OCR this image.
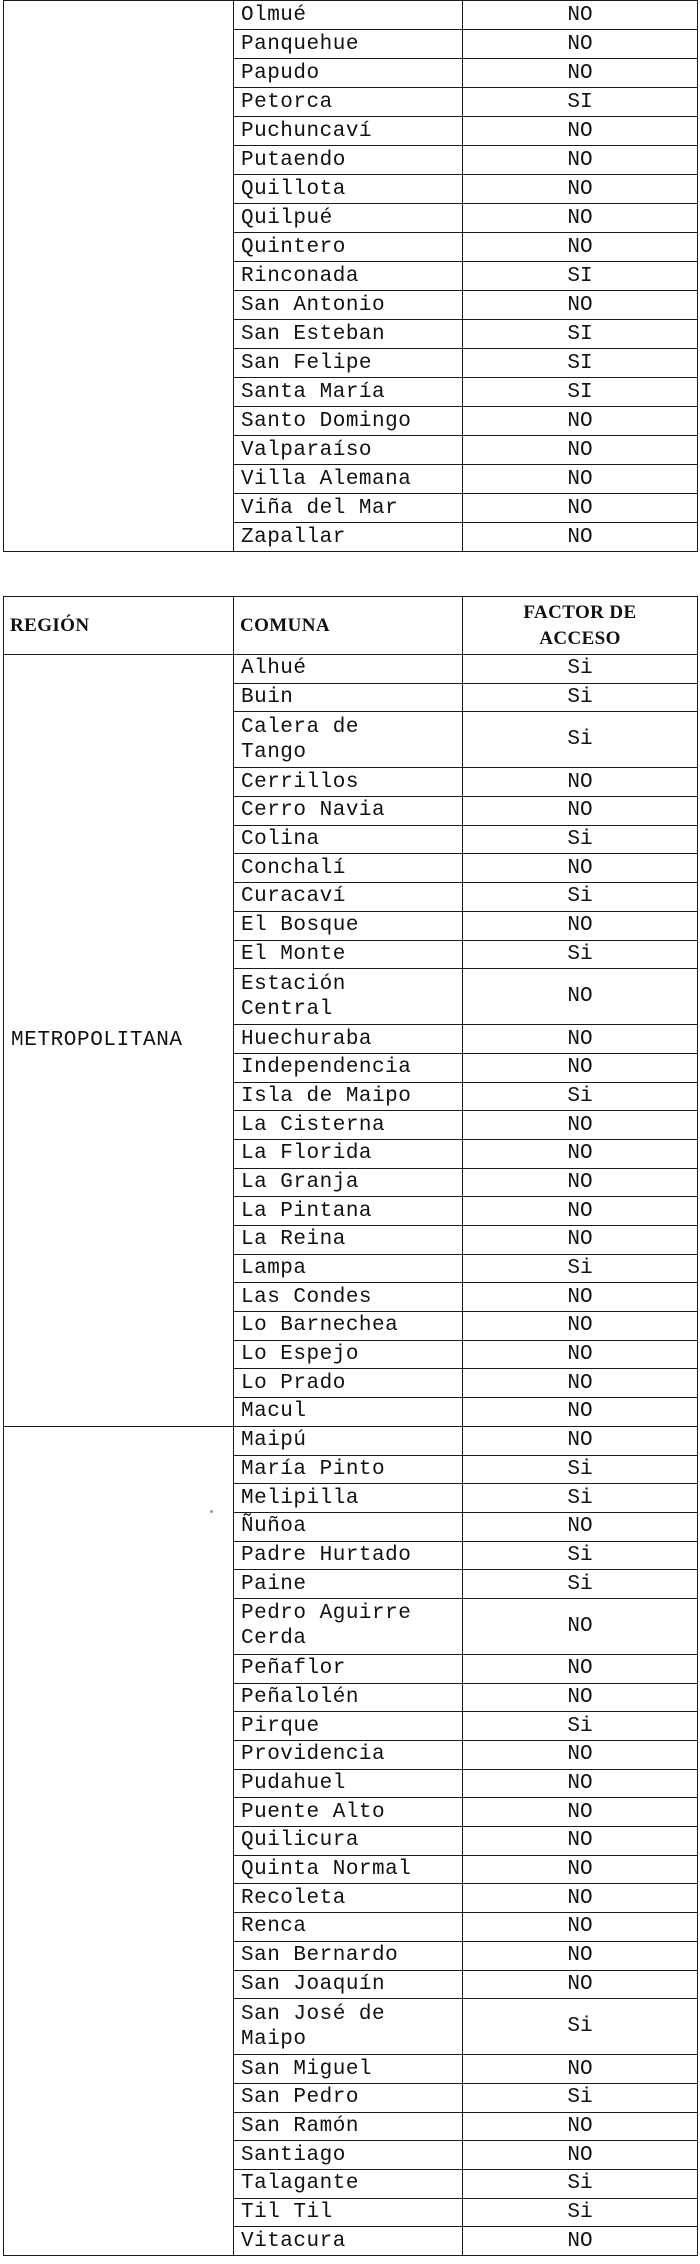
	Olmué	NO
	Panquehue	NO
	Papudo	NO
	Petorca	SI
	Puchuncaví	NO
	Putaendo	NO
	Quillota	NO
	Quilpué	NO
	Quintero	NO
	Rinconada	SI
	San Antonio	NO
	San Esteban	SI
	San Felipe	SI
	Santa María	SI
	Santo Domingo	NO
	Valparaíso	NO
	Villa Alemana	NO
	Viña del Mar	NO
	Zapallar	NO
REGIÓN	COMUNA	FACTOR DE
ACCESO
METROPOLITANA	Alhué	Si
	Buin	Si
	Calera de Tango	Si
	Cerrillos	NO
	Cerro Navia	NO
	Colina	Si
	Conchalí	NO
	Curacaví	Si
	El Bosque	NO
	El Monte	Si
	Estación Central	NO
	Huechuraba	NO
	Independencia	NO
	Isla de Maipo	Si
	La Cisterna	NO
	La Florida	NO
	La Granja	NO
	La Pintana	NO
	La Reina	NO
	Lampa	Si
	Las Condes	NO
	Lo Barnechea	NO
	Lo Espejo	NO
	Lo Prado	NO
	Macul	NO
	Maipú	NO
	María Pinto	Si
	Melipilla	Si
	Ñuñoa	NO
	Padre Hurtado	Si
	Paine	Si
	Pedro Aguirre Cerda	NO
	Peñaflor	NO
	Peñalolén	NO
	Pirque	Si
	Providencia	NO
	Pudahuel	NO
	Puente Alto	NO
	Quilicura	NO
	Quinta Normal	NO
	Recoleta	NO
	Renca	NO
	San Bernardo	NO
	San Joaquín	NO
	San José de Maipo	Si
	San Miguel	NO
	San Pedro	Si
	San Ramón	NO
	Santiago	NO
	Talagante	Si
	Til Til	Si
	Vitacura	NO
